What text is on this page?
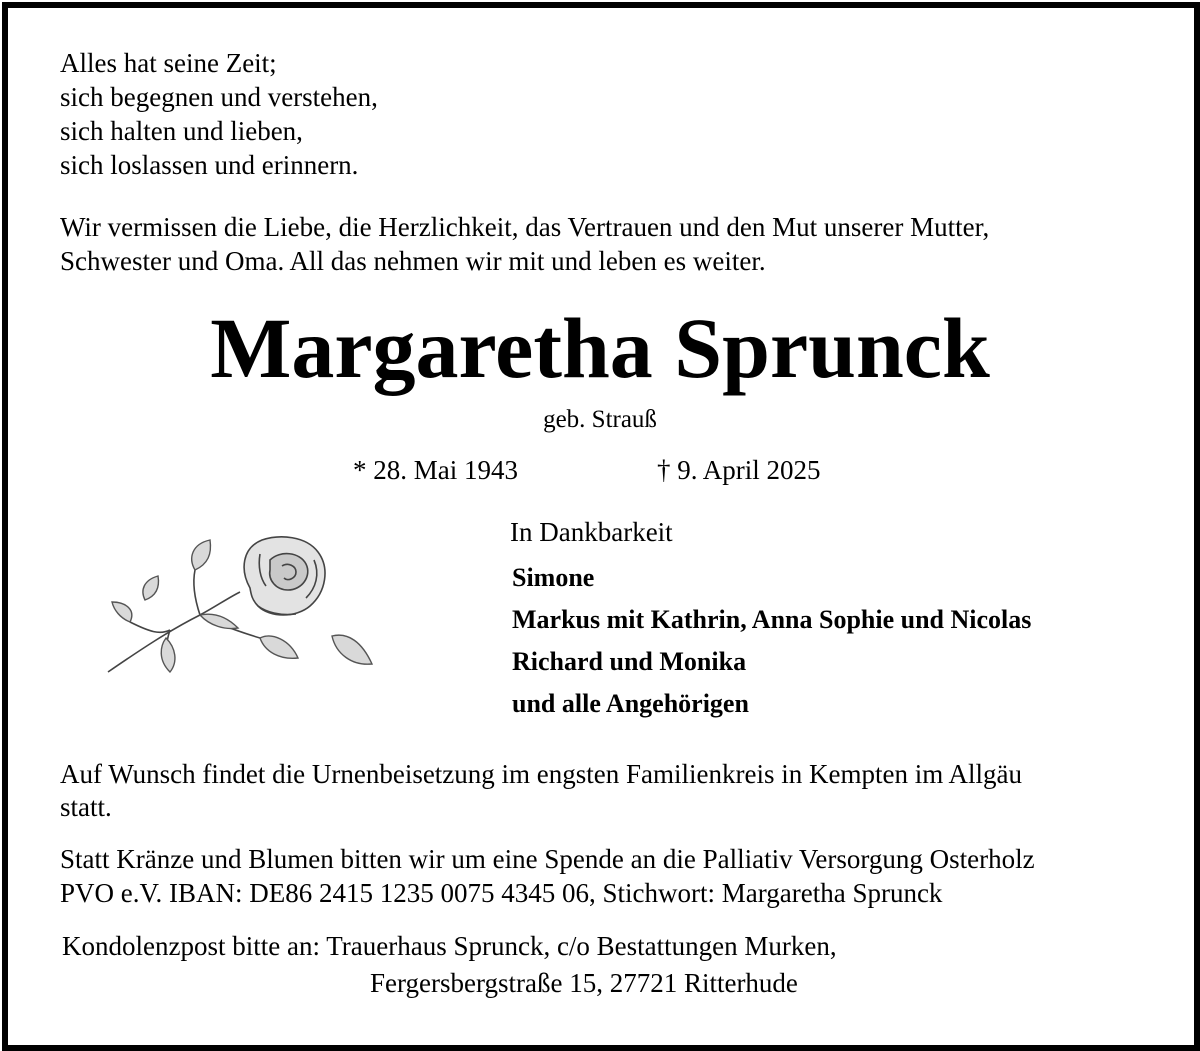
Alles hat seine Zeit;
sich begegnen und verstehen,
sich halten und lieben,
sich loslassen und erinnern.
Wir vermissen die Liebe, die Herzlichkeit, das Vertrauen und den Mut unserer Mutter,
Schwester und Oma. All das nehmen wir mit und leben es weiter.
Margaretha Sprunck
geb. Strauß
* 28. Mai 1943	† 9. April 2025
In Dankbarkeit
Simone
Markus mit Kathrin, Anna Sophie und Nicolas
Richard und Monika
und alle Angehörigen
Auf Wunsch findet die Urnenbeisetzung im engsten Familienkreis in Kempten im Allgäu
statt.
Statt Kränze und Blumen bitten wir um eine Spende an die Palliativ Versorgung Osterholz
PVO e.V. IBAN: DE86 2415 1235 0075 4345 06, Stichwort: Margaretha Sprunck
Kondolenzpost bitte an: Trauerhaus Sprunck, c/o Bestattungen Murken,
Fergersbergstraße 15, 27721 Ritterhude
